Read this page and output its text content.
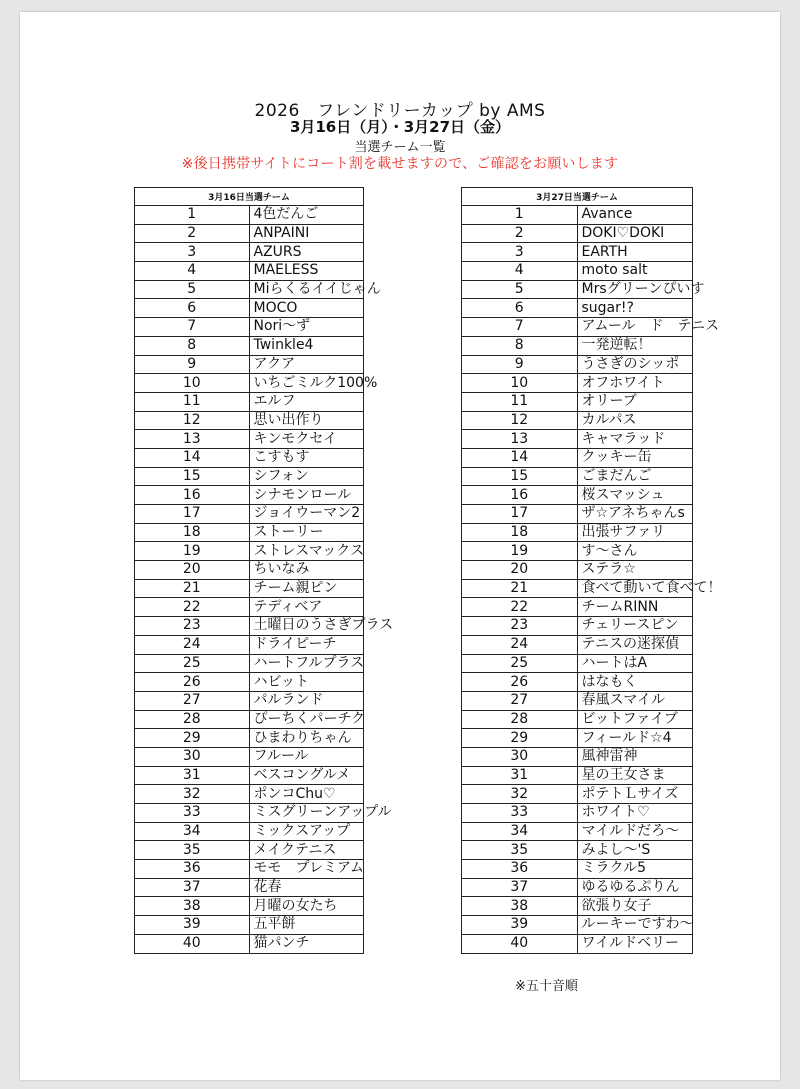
2026　フレンドリーカップ by AMS
3月16日（月）・3月27日（金）
当選チーム一覧
※後日携帯サイトにコート割を載せますので、ご確認をお願いします
3月16日当選チーム	
1	4色だんご
2	ANPAINI
3	AZURS
4	MAELESS
5	Miらくるイイじゃん
6	MOCO
7	Nori～ず
8	Twinkle4
9	アクア
10	いちごミルク100%
11	エルフ
12	思い出作り
13	キンモクセイ
14	こすもす
15	シフォン
16	シナモンロール
17	ジョイウーマン2
18	ストーリー
19	ストレスマックス
20	ちいなみ
21	チーム親ピン
22	テディベア
23	土曜日のうさぎプラス
24	ドライピーチ
25	ハートフルプラス
26	ハビット
27	パルランド
28	ぴーちくパーチク
29	ひまわりちゃん
30	フルール
31	ベスコングルメ
32	ポンコChu♡
33	ミスグリーンアップル
34	ミックスアップ
35	メイクテニス
36	モモ　プレミアム
37	花春
38	月曜の女たち
39	五平餅
40	猫パンチ
3月27日当選チーム	
1	Avance
2	DOKI♡DOKI
3	EARTH
4	moto salt
5	Mrsグリーンぴいす
6	sugar!?
7	アムール　ド　テニス
8	一発逆転！
9	うさぎのシッポ
10	オフホワイト
11	オリーブ
12	カルパス
13	キャマラッド
14	クッキー缶
15	ごまだんご
16	桜スマッシュ
17	ザ☆アネちゃんs
18	出張サファリ
19	す～さん
20	ステラ☆
21	食べて動いて食べて！
22	チームRINN
23	チェリースピン
24	テニスの迷探偵
25	ハートはA
26	はなもく
27	春風スマイル
28	ビットファイブ
29	フィールド☆4
30	風神雷神
31	星の王女さま
32	ポテトＬサイズ
33	ホワイト♡
34	マイルドだろ～
35	みよし～'S
36	ミラクル5
37	ゆるゆるぷりん
38	欲張り女子
39	ルーキーですわ～
40	ワイルドベリー
※五十音順
